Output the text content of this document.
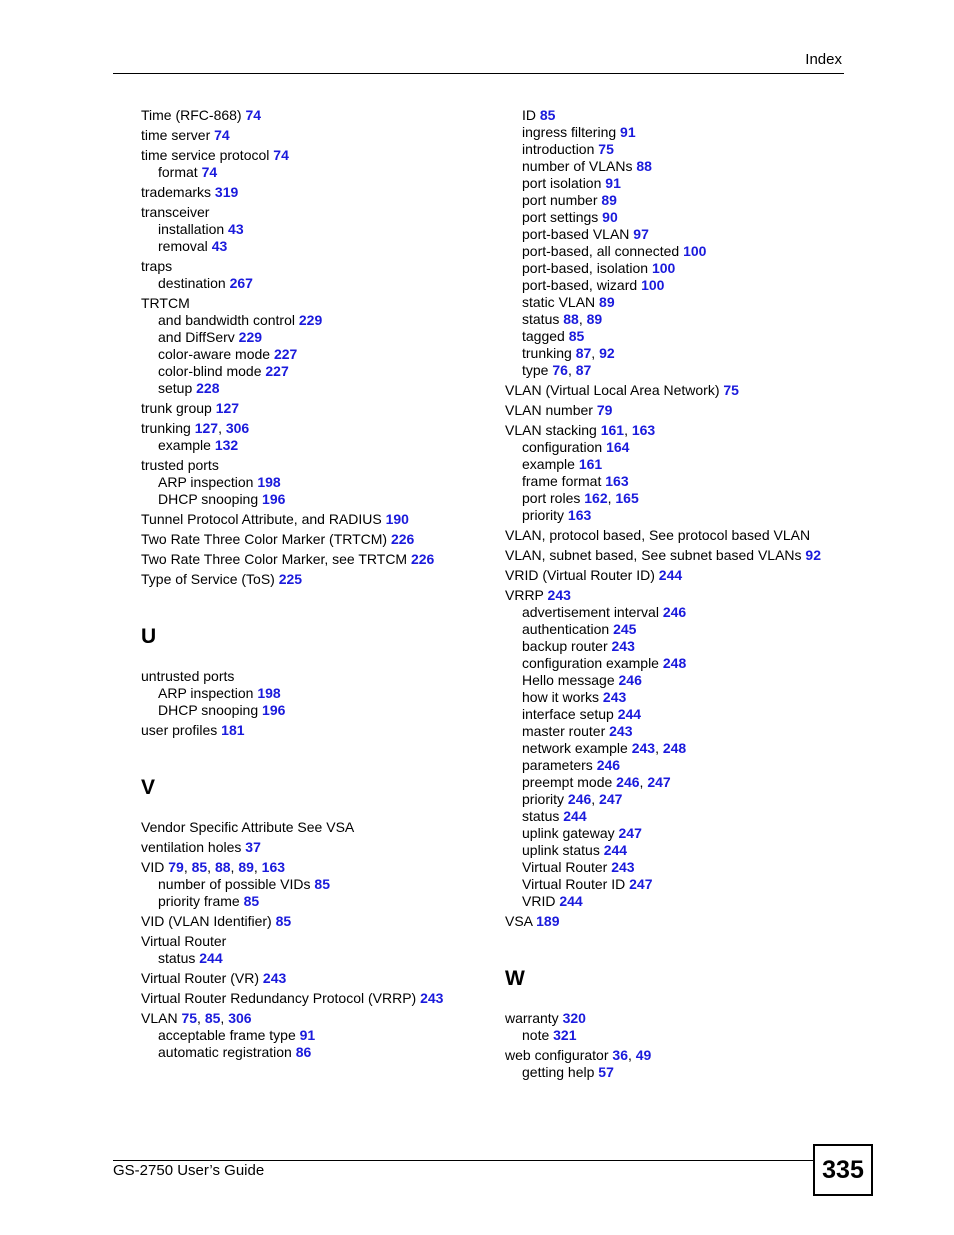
Index
Time (RFC-868) 74
time server 74
time service protocol 74
format 74
trademarks 319
transceiver
installation 43
removal 43
traps
destination 267
TRTCM
and bandwidth control 229
and DiffServ 229
color-aware mode 227
color-blind mode 227
setup 228
trunk group 127
trunking 127, 306
example 132
trusted ports
ARP inspection 198
DHCP snooping 196
Tunnel Protocol Attribute, and RADIUS 190
Two Rate Three Color Marker (TRTCM) 226
Two Rate Three Color Marker, see TRTCM 226
Type of Service (ToS) 225
U
untrusted ports
ARP inspection 198
DHCP snooping 196
user profiles 181
V
Vendor Specific Attribute See VSA
ventilation holes 37
VID 79, 85, 88, 89, 163
number of possible VIDs 85
priority frame 85
VID (VLAN Identifier) 85
Virtual Router
status 244
Virtual Router (VR) 243
Virtual Router Redundancy Protocol (VRRP) 243
VLAN 75, 85, 306
acceptable frame type 91
automatic registration 86
ID 85
ingress filtering 91
introduction 75
number of VLANs 88
port isolation 91
port number 89
port settings 90
port-based VLAN 97
port-based, all connected 100
port-based, isolation 100
port-based, wizard 100
static VLAN 89
status 88, 89
tagged 85
trunking 87, 92
type 76, 87
VLAN (Virtual Local Area Network) 75
VLAN number 79
VLAN stacking 161, 163
configuration 164
example 161
frame format 163
port roles 162, 165
priority 163
VLAN, protocol based, See protocol based VLAN
VLAN, subnet based, See subnet based VLANs 92
VRID (Virtual Router ID) 244
VRRP 243
advertisement interval 246
authentication 245
backup router 243
configuration example 248
Hello message 246
how it works 243
interface setup 244
master router 243
network example 243, 248
parameters 246
preempt mode 246, 247
priority 246, 247
status 244
uplink gateway 247
uplink status 244
Virtual Router 243
Virtual Router ID 247
VRID 244
VSA 189
W
warranty 320
note 321
web configurator 36, 49
getting help 57
GS-2750 User’s Guide	335
